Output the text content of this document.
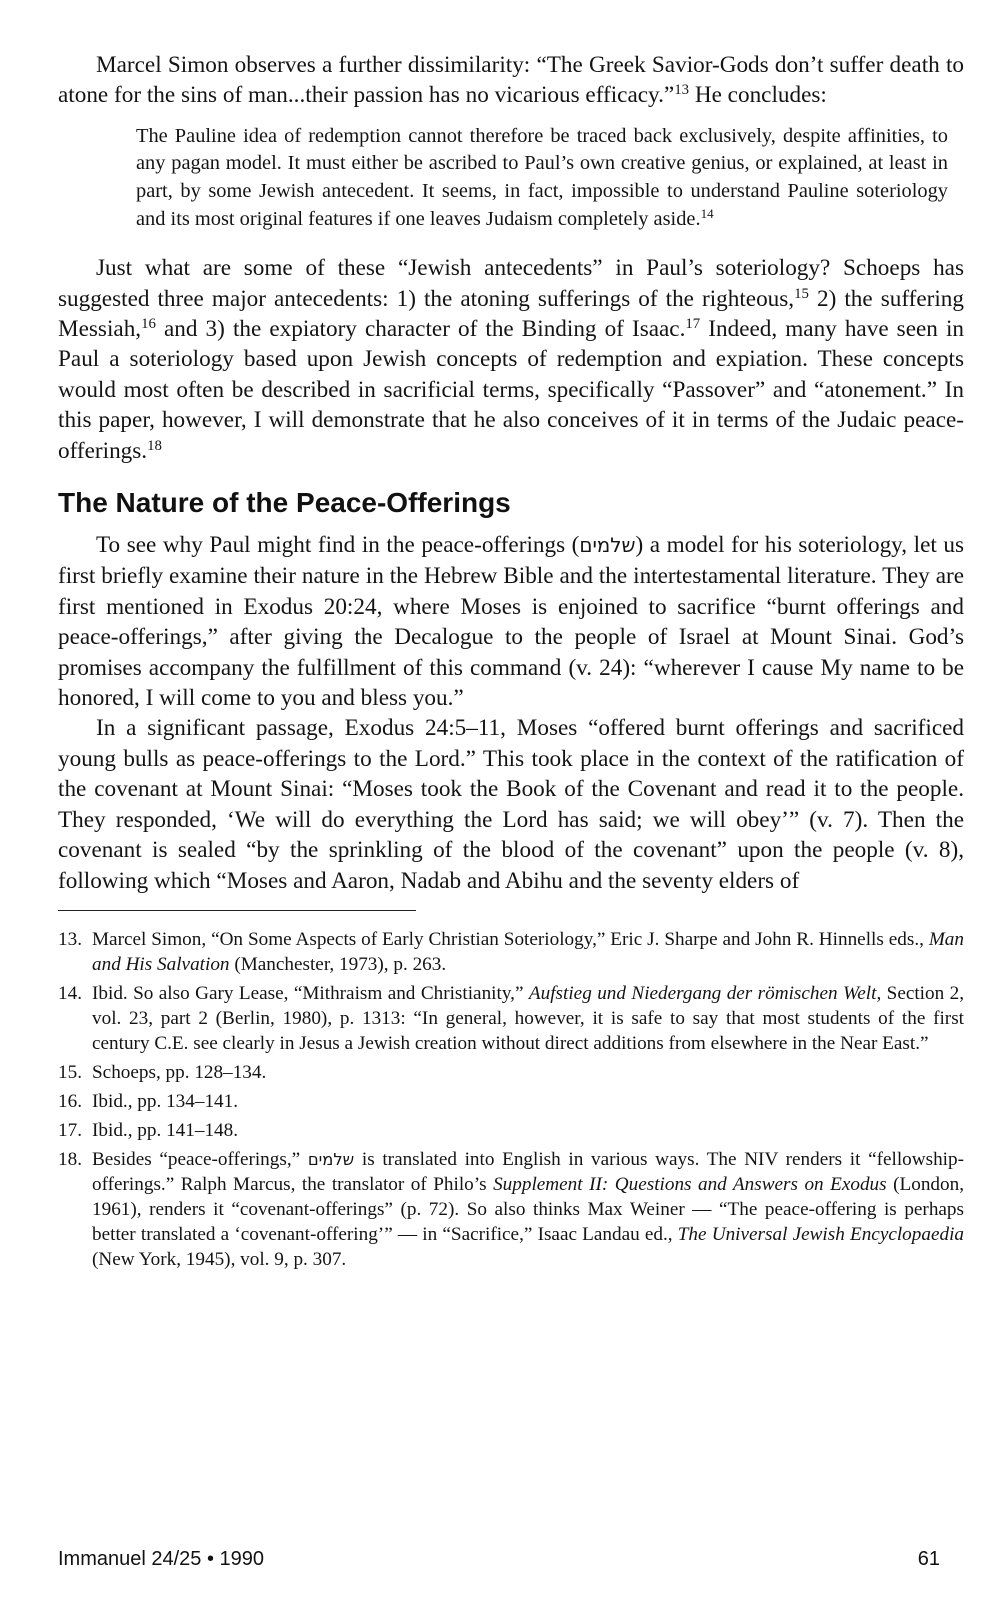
Marcel Simon observes a further dissimilarity: “The Greek Savior-Gods don’t suffer death to atone for the sins of man...their passion has no vicarious efficacy.”$^{13}$ He concludes:

The Pauline idea of redemption cannot therefore be traced back exclusively, despite affinities, to any pagan model. It must either be ascribed to Paul’s own creative genius, or explained, at least in part, by some Jewish antecedent. It seems, in fact, impossible to understand Pauline soteriology and its most original features if one leaves Judaism completely aside.$^{14}$

Just what are some of these “Jewish antecedents” in Paul’s soteriology? Schoeps has suggested three major antecedents: 1) the atoning sufferings of the righteous,$^{15}$ 2) the suffering Messiah,$^{16}$ and 3) the expiatory character of the Binding of Isaac.$^{17}$ Indeed, many have seen in Paul a soteriology based upon Jewish concepts of redemption and expiation. These concepts would most often be described in sacrificial terms, specifically “Passover” and “atonement.” In this paper, however, I will demonstrate that he also conceives of it in terms of the Judaic peace-offerings.$^{18}$

The Nature of the Peace-Offerings

To see why Paul might find in the peace-offerings (שלמים) a model for his soteriology, let us first briefly examine their nature in the Hebrew Bible and the intertestamental literature. They are first mentioned in Exodus 20:24, where Moses is enjoined to sacrifice “burnt offerings and peace-offerings,” after giving the Decalogue to the people of Israel at Mount Sinai. God’s promises accompany the fulfillment of this command (v. 24): “wherever I cause My name to be honored, I will come to you and bless you.”

In a significant passage, Exodus 24:5–11, Moses “offered burnt offerings and sacrificed young bulls as peace-offerings to the Lord.” This took place in the context of the ratification of the covenant at Mount Sinai: “Moses took the Book of the Covenant and read it to the people. They responded, ‘We will do everything the Lord has said; we will obey’” (v. 7). Then the covenant is sealed “by the sprinkling of the blood of the covenant” upon the people (v. 8), following which “Moses and Aaron, Nadab and Abihu and the seventy elders of

13. Marcel Simon, “On Some Aspects of Early Christian Soteriology,” Eric J. Sharpe and John R. Hinnells eds., Man and His Salvation (Manchester, 1973), p. 263.
14. Ibid. So also Gary Lease, “Mithraism and Christianity,” Aufstieg und Niedergang der römischen Welt, Section 2, vol. 23, part 2 (Berlin, 1980), p. 1313: “In general, however, it is safe to say that most students of the first century C.E. see clearly in Jesus a Jewish creation without direct additions from elsewhere in the Near East.”
15. Schoeps, pp. 128–134.
16. Ibid., pp. 134–141.
17. Ibid., pp. 141–148.
18. Besides “peace-offerings,” שלמים is translated into English in various ways. The NIV renders it “fellowship-offerings.” Ralph Marcus, the translator of Philo’s Supplement II: Questions and Answers on Exodus (London, 1961), renders it “covenant-offerings” (p. 72). So also thinks Max Weiner — “The peace-offering is perhaps better translated a ‘covenant-offering’” — in “Sacrifice,” Isaac Landau ed., The Universal Jewish Encyclopaedia (New York, 1945), vol. 9, p. 307.
Immanuel 24/25 • 1990	61
